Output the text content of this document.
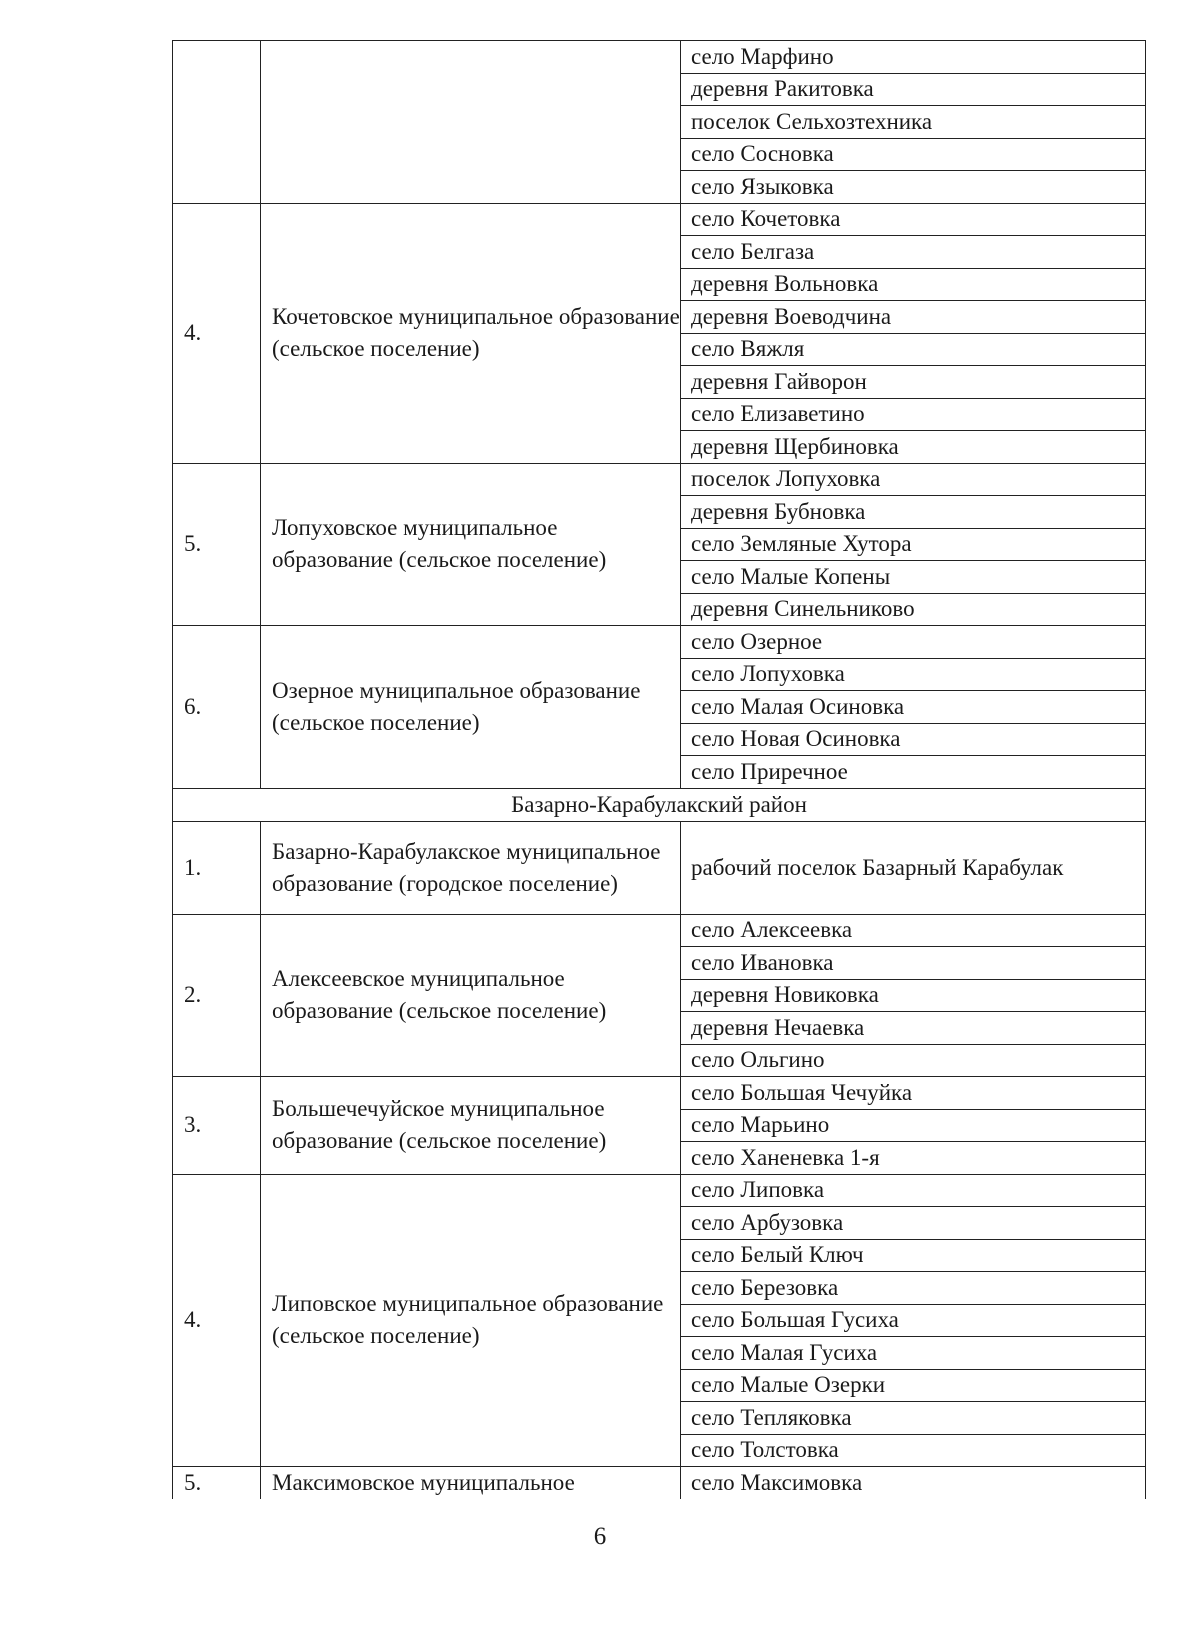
		село Марфино
		деревня Ракитовка
		поселок Сельхозтехника
		село Сосновка
		село Языковка
4.	Кочетовское муниципальное образование (сельское поселение)	село Кочетовка
		село Белгаза
		деревня Вольновка
		деревня Воеводчина
		село Вяжля
		деревня Гайворон
		село Елизаветино
		деревня Щербиновка
5.	Лопуховское муниципальное образование (сельское поселение)	поселок Лопуховка
		деревня Бубновка
		село Земляные Хутора
		село Малые Копены
		деревня Синельниково
6.	Озерное муниципальное образование (сельское поселение)	село Озерное
		село Лопуховка
		село Малая Осиновка
		село Новая Осиновка
		село Приречное
Базарно-Карабулакский район		
1.	Базарно-Карабулакское муниципальное образование (городское поселение)	рабочий поселок Базарный Карабулак
2.	Алексеевское муниципальное образование (сельское поселение)	село Алексеевка
		село Ивановка
		деревня Новиковка
		деревня Нечаевка
		село Ольгино
3.	Большечечуйское муниципальное образование (сельское поселение)	село Большая Чечуйка
		село Марьино
		село Ханеневка 1-я
4.	Липовское муниципальное образование (сельское поселение)	село Липовка
		село Арбузовка
		село Белый Ключ
		село Березовка
		село Большая Гусиха
		село Малая Гусиха
		село Малые Озерки
		село Тепляковка
		село Толстовка
5.	Максимовское муниципальное	село Максимовка
6
